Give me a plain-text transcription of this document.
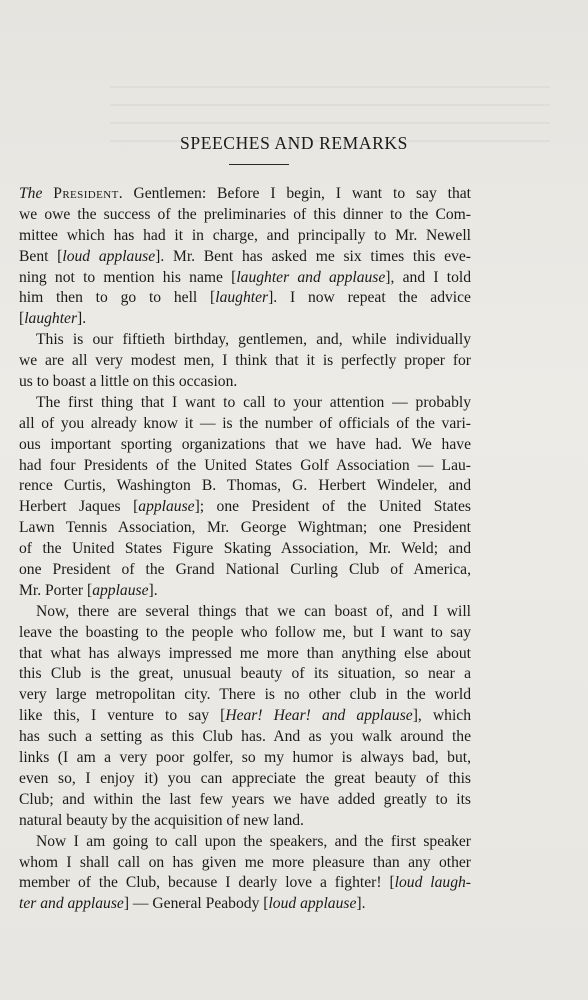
SPEECHES AND REMARKS
The President. Gentlemen: Before I begin, I want to say that
we owe the success of the preliminaries of this dinner to the Com-
mittee which has had it in charge, and principally to Mr. Newell
Bent [loud applause]. Mr. Bent has asked me six times this eve-
ning not to mention his name [laughter and applause], and I told
him then to go to hell [laughter]. I now repeat the advice
[laughter].
This is our fiftieth birthday, gentlemen, and, while individually
we are all very modest men, I think that it is perfectly proper for
us to boast a little on this occasion.
The first thing that I want to call to your attention — probably
all of you already know it — is the number of officials of the vari-
ous important sporting organizations that we have had. We have
had four Presidents of the United States Golf Association — Lau-
rence Curtis, Washington B. Thomas, G. Herbert Windeler, and
Herbert Jaques [applause]; one President of the United States
Lawn Tennis Association, Mr. George Wightman; one President
of the United States Figure Skating Association, Mr. Weld; and
one President of the Grand National Curling Club of America,
Mr. Porter [applause].
Now, there are several things that we can boast of, and I will
leave the boasting to the people who follow me, but I want to say
that what has always impressed me more than anything else about
this Club is the great, unusual beauty of its situation, so near a
very large metropolitan city. There is no other club in the world
like this, I venture to say [Hear! Hear! and applause], which
has such a setting as this Club has. And as you walk around the
links (I am a very poor golfer, so my humor is always bad, but,
even so, I enjoy it) you can appreciate the great beauty of this
Club; and within the last few years we have added greatly to its
natural beauty by the acquisition of new land.
Now I am going to call upon the speakers, and the first speaker
whom I shall call on has given me more pleasure than any other
member of the Club, because I dearly love a fighter! [loud laugh-
ter and applause] — General Peabody [loud applause].
